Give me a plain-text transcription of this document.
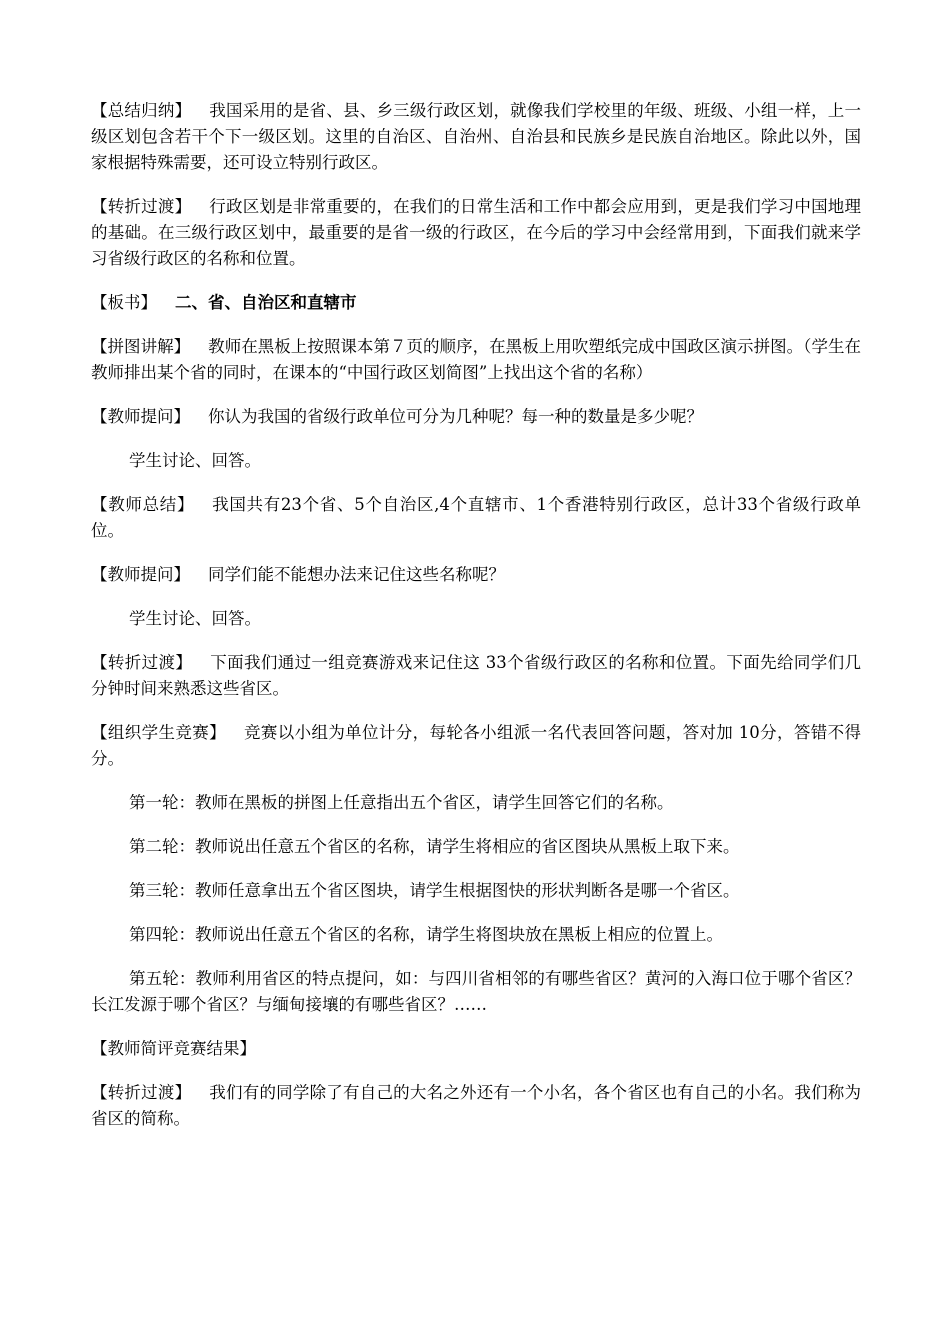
【总结归纳】 我国采用的是省、县、乡三级行政区划，就像我们学校里的年级、班级、小组一样，上一级区划包含若干个下一级区划。这里的自治区、自治州、自治县和民族乡是民族自治地区。除此以外，国家根据特殊需要，还可设立特别行政区。

【转折过渡】 行政区划是非常重要的，在我们的日常生活和工作中都会应用到，更是我们学习中国地理的基础。在三级行政区划中，最重要的是省一级的行政区，在今后的学习中会经常用到，下面我们就来学习省级行政区的名称和位置。

【板书】 二、省、自治区和直辖市

【拼图讲解】 教师在黑板上按照课本第７页的顺序，在黑板上用吹塑纸完成中国政区演示拼图。（学生在教师排出某个省的同时，在课本的“中国行政区划简图”上找出这个省的名称）

【教师提问】 你认为我国的省级行政单位可分为几种呢？每一种的数量是多少呢？

学生讨论、回答。

【教师总结】 我国共有23个省、5个自治区,4个直辖市、1个香港特别行政区，总计33个省级行政单位。

【教师提问】 同学们能不能想办法来记住这些名称呢？

学生讨论、回答。

【转折过渡】 下面我们通过一组竞赛游戏来记住这 33个省级行政区的名称和位置。下面先给同学们几分钟时间来熟悉这些省区。

【组织学生竞赛】 竞赛以小组为单位计分，每轮各小组派一名代表回答问题，答对加 10分，答错不得分。

第一轮：教师在黑板的拼图上任意指出五个省区，请学生回答它们的名称。

第二轮：教师说出任意五个省区的名称，请学生将相应的省区图块从黑板上取下来。

第三轮：教师任意拿出五个省区图块，请学生根据图快的形状判断各是哪一个省区。

第四轮：教师说出任意五个省区的名称，请学生将图块放在黑板上相应的位置上。

第五轮：教师利用省区的特点提问，如：与四川省相邻的有哪些省区？黄河的入海口位于哪个省区？长江发源于哪个省区？与缅甸接壤的有哪些省区？……

【教师简评竞赛结果】

【转折过渡】 我们有的同学除了有自己的大名之外还有一个小名，各个省区也有自己的小名。我们称为省区的简称。
